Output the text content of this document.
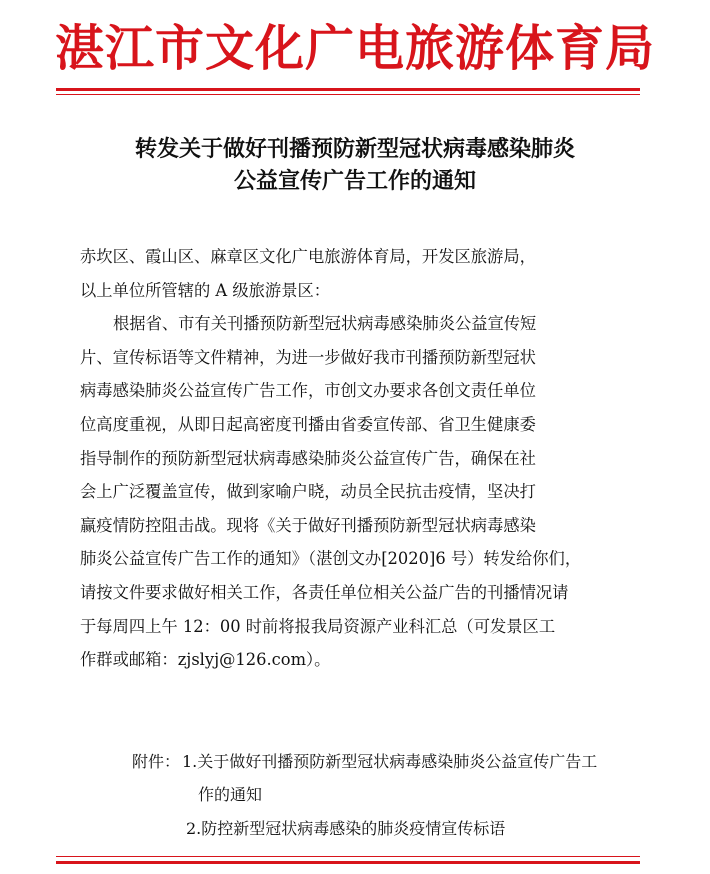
湛江市文化广电旅游体育局
转发关于做好刊播预防新型冠状病毒感染肺炎
公益宣传广告工作的通知
赤坎区、霞山区、麻章区文化广电旅游体育局，开发区旅游局，
以上单位所管辖的 A 级旅游景区：
根据省、市有关刊播预防新型冠状病毒感染肺炎公益宣传短
片、宣传标语等文件精神，为进一步做好我市刊播预防新型冠状
病毒感染肺炎公益宣传广告工作，市创文办要求各创文责任单位
位高度重视，从即日起高密度刊播由省委宣传部、省卫生健康委
指导制作的预防新型冠状病毒感染肺炎公益宣传广告，确保在社
会上广泛覆盖宣传，做到家喻户晓，动员全民抗击疫情，坚决打
赢疫情防控阻击战。现将《关于做好刊播预防新型冠状病毒感染
肺炎公益宣传广告工作的通知》（湛创文办[2020]6 号）转发给你们，
请按文件要求做好相关工作，各责任单位相关公益广告的刊播情况请
于每周四上午 12：00 时前将报我局资源产业科汇总（可发景区工
作群或邮箱：zjslyj@126.com）。
附件： 1.关于做好刊播预防新型冠状病毒感染肺炎公益宣传广告工
作的通知
2.防控新型冠状病毒感染的肺炎疫情宣传标语
